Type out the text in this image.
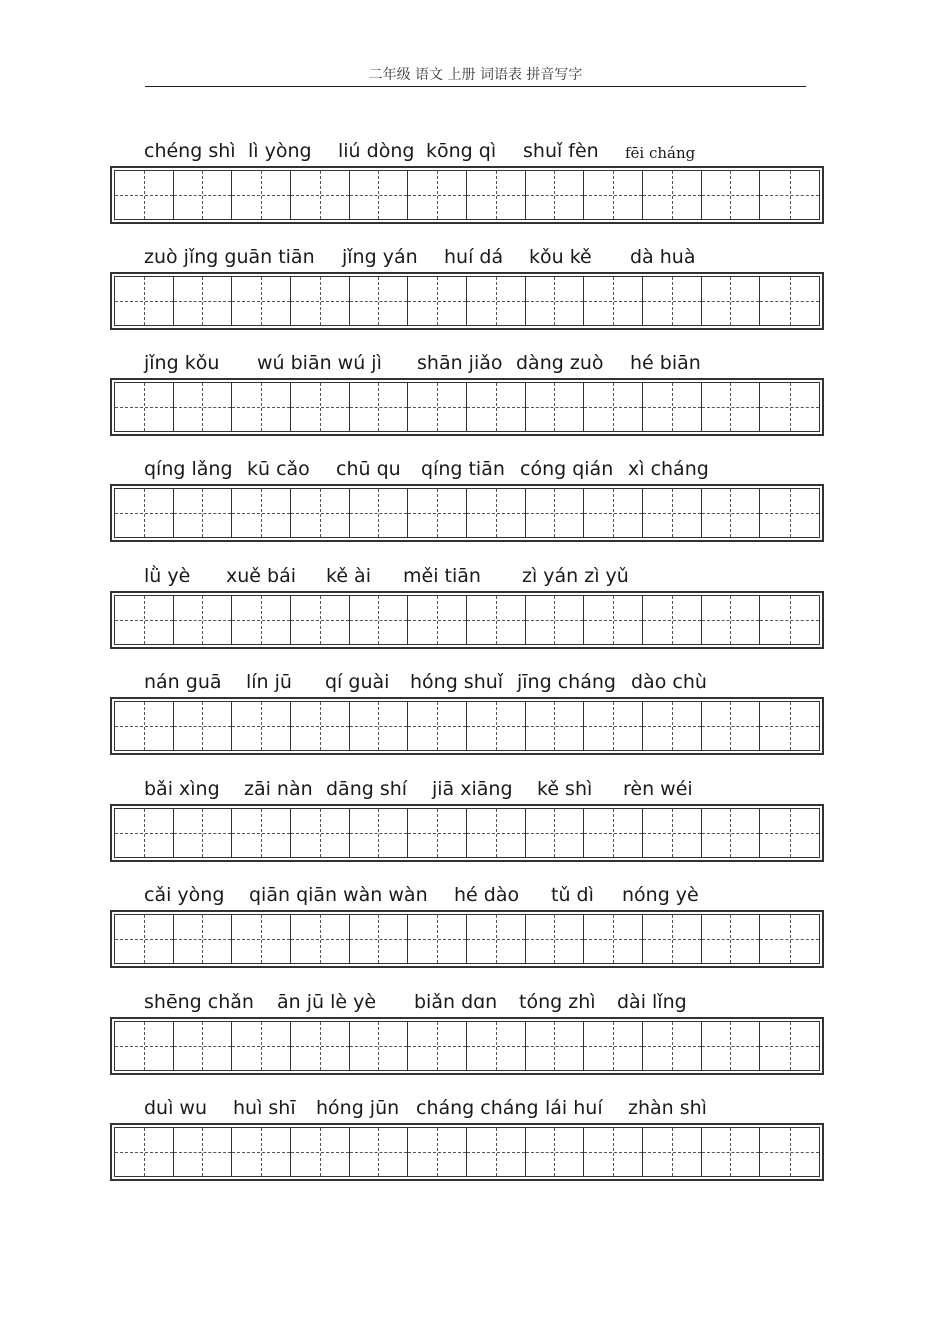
二年级 语文 上册 词语表 拼音写字
chéng shì lì yòng liú dòng kōng qì shuǐ fèn fēi cháng
zuò jǐng guān tiān jǐng yán huí dá kǒu kě dà huà
jǐng kǒu wú biān wú jì shān jiǎo dàng zuò hé biān
qíng lǎng kū cǎo chū qu qíng tiān cóng qián xì cháng
lǜ yè xuě bái kě ài měi tiān zì yán zì yǔ
nán guā lín jū qí guài hóng shuǐ jīng cháng dào chù
bǎi xìng zāi nàn dāng shí jiā xiāng kě shì rèn wéi
cǎi yòng qiān qiān wàn wàn hé dào tǔ dì nóng yè
shēng chǎn ān jū lè yè biǎn dɑn tóng zhì dài lǐng
duì wu huì shī hóng jūn cháng cháng lái huí zhàn shì
